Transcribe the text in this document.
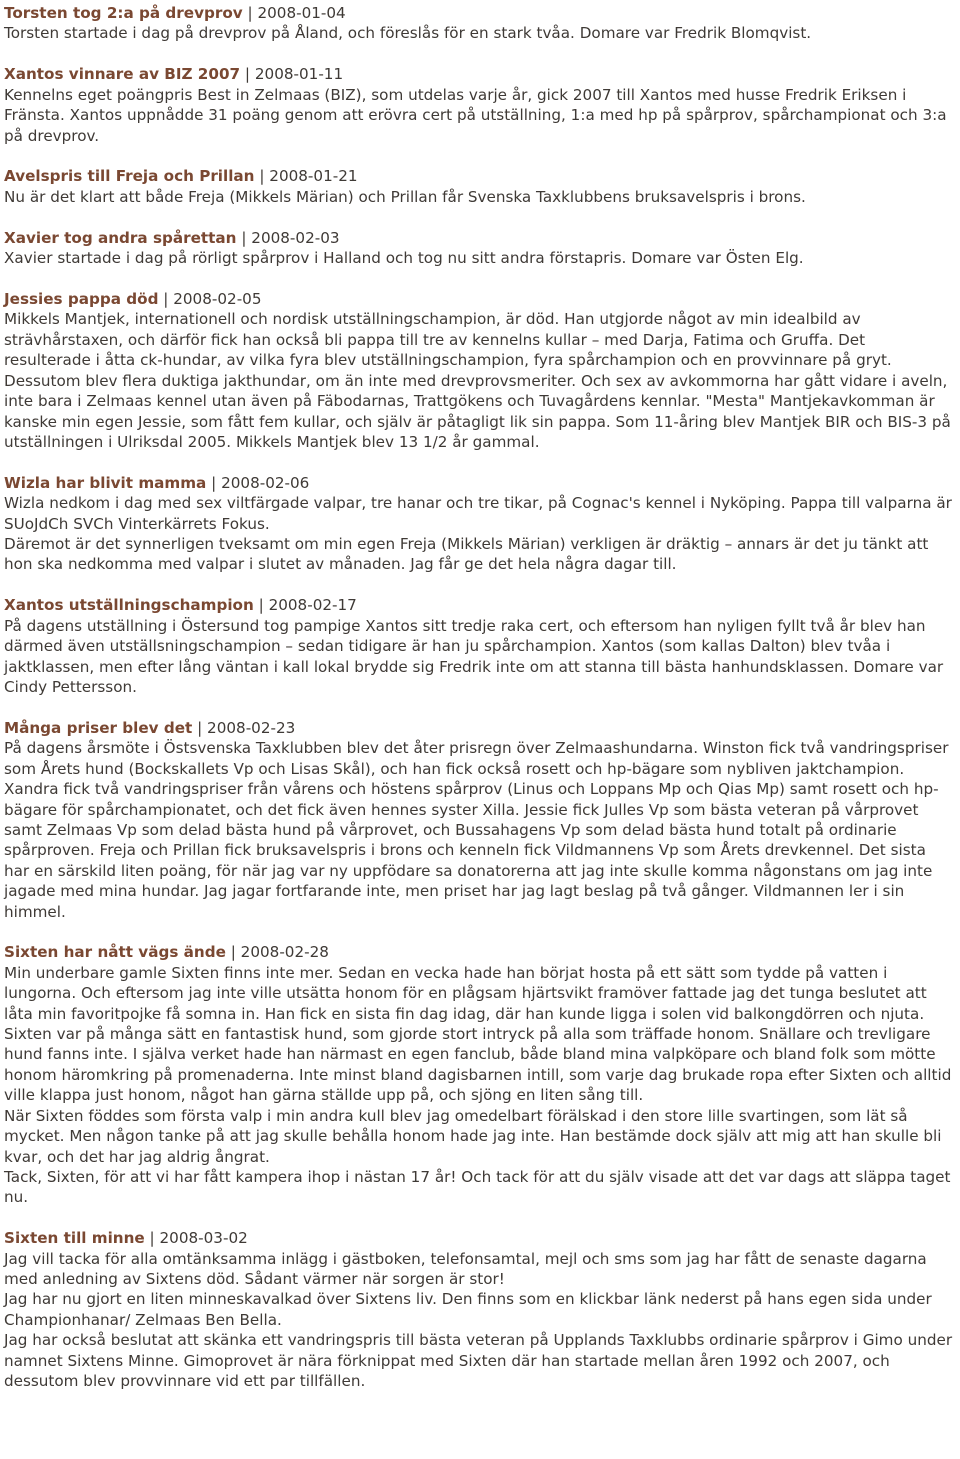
Torsten tog 2:a på drevprov | 2008-01-04

Torsten startade i dag på drevprov på Åland, och föreslås för en stark tvåa. Domare var Fredrik Blomqvist.

Xantos vinnare av BIZ 2007 | 2008-01-11

Kennelns eget poängpris Best in Zelmaas (BIZ), som utdelas varje år, gick 2007 till Xantos med husse Fredrik Eriksen i Fränsta. Xantos uppnådde 31 poäng genom att erövra cert på utställning, 1:a med hp på spårprov, spårchampionat och 3:a på drevprov.

Avelspris till Freja och Prillan | 2008-01-21

Nu är det klart att både Freja (Mikkels Märian) och Prillan får Svenska Taxklubbens bruksavelspris i brons.

Xavier tog andra spårettan | 2008-02-03

Xavier startade i dag på rörligt spårprov i Halland och tog nu sitt andra förstapris. Domare var Östen Elg.

Jessies pappa död | 2008-02-05

Mikkels Mantjek, internationell och nordisk utställningschampion, är död. Han utgjorde något av min idealbild av strävhårstaxen, och därför fick han också bli pappa till tre av kennelns kullar – med Darja, Fatima och Gruffa. Det resulterade i åtta ck-hundar, av vilka fyra blev utställningschampion, fyra spårchampion och en provvinnare på gryt. Dessutom blev flera duktiga jakthundar, om än inte med drevprovsmeriter. Och sex av avkommorna har gått vidare i aveln, inte bara i Zelmaas kennel utan även på Fäbodarnas, Trattgökens och Tuvagårdens kennlar. "Mesta" Mantjekavkomman är kanske min egen Jessie, som fått fem kullar, och själv är påtagligt lik sin pappa. Som 11-åring blev Mantjek BIR och BIS-3 på utställningen i Ulriksdal 2005. Mikkels Mantjek blev 13 1/2 år gammal.

Wizla har blivit mamma | 2008-02-06

Wizla nedkom i dag med sex viltfärgade valpar, tre hanar och tre tikar, på Cognac's kennel i Nyköping. Pappa till valparna är SUoJdCh SVCh Vinterkärrets Fokus.

Däremot är det synnerligen tveksamt om min egen Freja (Mikkels Märian) verkligen är dräktig – annars är det ju tänkt att hon ska nedkomma med valpar i slutet av månaden. Jag får ge det hela några dagar till.

Xantos utställningschampion | 2008-02-17

På dagens utställning i Östersund tog pampige Xantos sitt tredje raka cert, och eftersom han nyligen fyllt två år blev han därmed även utställsningschampion – sedan tidigare är han ju spårchampion. Xantos (som kallas Dalton) blev tvåa i jaktklassen, men efter lång väntan i kall lokal brydde sig Fredrik inte om att stanna till bästa hanhundsklassen. Domare var Cindy Pettersson.

Många priser blev det | 2008-02-23

På dagens årsmöte i Östsvenska Taxklubben blev det åter prisregn över Zelmaashundarna. Winston fick två vandringspriser som Årets hund (Bockskallets Vp och Lisas Skål), och han fick också rosett och hp-bägare som nybliven jaktchampion. Xandra fick två vandringspriser från vårens och höstens spårprov (Linus och Loppans Mp och Qias Mp) samt rosett och hp-bägare för spårchampionatet, och det fick även hennes syster Xilla. Jessie fick Julles Vp som bästa veteran på vårprovet samt Zelmaas Vp som delad bästa hund på vårprovet, och Bussahagens Vp som delad bästa hund totalt på ordinarie spårproven. Freja och Prillan fick bruksavelspris i brons och kenneln fick Vildmannens Vp som Årets drevkennel. Det sista har en särskild liten poäng, för när jag var ny uppfödare sa donatorerna att jag inte skulle komma någonstans om jag inte jagade med mina hundar. Jag jagar fortfarande inte, men priset har jag lagt beslag på två gånger. Vildmannen ler i sin himmel.

Sixten har nått vägs ände | 2008-02-28

Min underbare gamle Sixten finns inte mer. Sedan en vecka hade han börjat hosta på ett sätt som tydde på vatten i lungorna. Och eftersom jag inte ville utsätta honom för en plågsam hjärtsvikt framöver fattade jag det tunga beslutet att låta min favoritpojke få somna in. Han fick en sista fin dag idag, där han kunde ligga i solen vid balkongdörren och njuta.

Sixten var på många sätt en fantastisk hund, som gjorde stort intryck på alla som träffade honom. Snällare och trevligare hund fanns inte. I själva verket hade han närmast en egen fanclub, både bland mina valpköpare och bland folk som mötte honom häromkring på promenaderna. Inte minst bland dagisbarnen intill, som varje dag brukade ropa efter Sixten och alltid ville klappa just honom, något han gärna ställde upp på, och sjöng en liten sång till.

När Sixten föddes som första valp i min andra kull blev jag omedelbart förälskad i den store lille svartingen, som lät så mycket. Men någon tanke på att jag skulle behålla honom hade jag inte. Han bestämde dock själv att mig att han skulle bli kvar, och det har jag aldrig ångrat.

Tack, Sixten, för att vi har fått kampera ihop i nästan 17 år! Och tack för att du själv visade att det var dags att släppa taget nu.

Sixten till minne | 2008-03-02

Jag vill tacka för alla omtänksamma inlägg i gästboken, telefonsamtal, mejl och sms som jag har fått de senaste dagarna med anledning av Sixtens död. Sådant värmer när sorgen är stor!

Jag har nu gjort en liten minneskavalkad över Sixtens liv. Den finns som en klickbar länk nederst på hans egen sida under Championhanar/ Zelmaas Ben Bella.

Jag har också beslutat att skänka ett vandringspris till bästa veteran på Upplands Taxklubbs ordinarie spårprov i Gimo under namnet Sixtens Minne. Gimoprovet är nära förknippat med Sixten där han startade mellan åren 1992 och 2007, och dessutom blev provvinnare vid ett par tillfällen.
